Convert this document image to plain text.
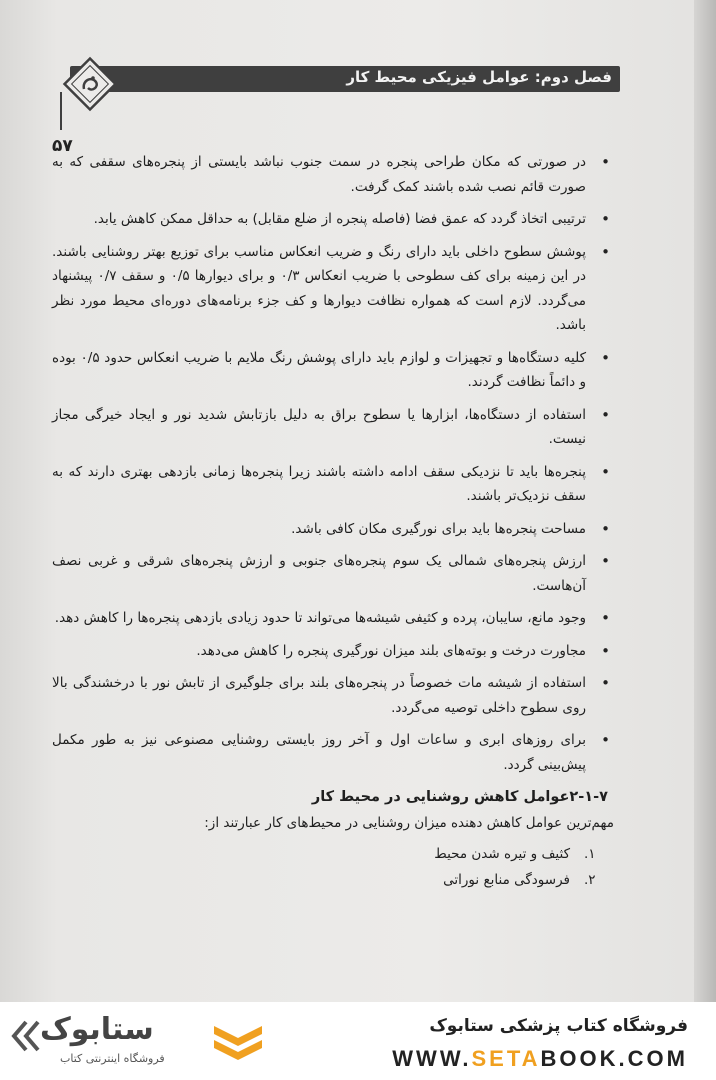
فصل دوم: عوامل فیزیکی محیط کار
۵۷
• در صورتی که مکان طراحی پنجره در سمت جنوب نباشد بایستی از پنجره‌های سقفی که به صورت قائم نصب شده باشند کمک گرفت.
• ترتیبی اتخاذ گردد که عمق فضا (فاصله پنجره از ضلع مقابل) به حداقل ممکن کاهش یابد.
• پوشش سطوح داخلی باید دارای رنگ و ضریب انعکاس مناسب برای توزیع بهتر روشنایی باشند. در این زمینه برای کف سطوحی با ضریب انعکاس ۰/۳ و برای دیوارها ۰/۵ و سقف ۰/۷ پیشنهاد می‌گردد. لازم است که همواره نظافت دیوارها و کف جزء برنامه‌های دوره‌ای محیط مورد نظر باشد.
• کلیه دستگاه‌ها و تجهیزات و لوازم باید دارای پوشش رنگ ملایم با ضریب انعکاس حدود ۰/۵ بوده و دائماً نظافت گردند.
• استفاده از دستگاه‌ها، ابزارها یا سطوح براق به دلیل بازتابش شدید نور و ایجاد خیرگی مجاز نیست.
• پنجره‌ها باید تا نزدیکی سقف ادامه داشته باشند زیرا پنجره‌ها زمانی بازدهی بهتری دارند که به سقف نزدیک‌تر باشند.
• مساحت پنجره‌ها باید برای نورگیری مکان کافی باشد.
• ارزش پنجره‌های شمالی یک سوم پنجره‌های جنوبی و ارزش پنجره‌های شرقی و غربی نصف آن‌هاست.
• وجود مانع، سایبان، پرده و کثیفی شیشه‌ها می‌تواند تا حدود زیادی بازدهی پنجره‌ها را کاهش دهد.
• مجاورت درخت و بوته‌های بلند میزان نورگیری پنجره را کاهش می‌دهد.
• استفاده از شیشه مات خصوصاً در پنجره‌های بلند برای جلوگیری از تابش نور با درخشندگی بالا روی سطوح داخلی توصیه می‌گردد.
• برای روزهای ابری و ساعات اول و آخر روز بایستی روشنایی مصنوعی نیز به طور مکمل پیش‌بینی گردد.
۲-۱-۷عوامل کاهش روشنایی در محیط کار
مهم‌ترین عوامل کاهش دهنده میزان روشنایی در محیط‌های کار عبارتند از:
۱.کثیف و تیره شدن محیط
۲.فرسودگی منابع نوراتی
ستابوک
فروشگاه اینترنتی کتاب
فروشگاه کتاب پزشکی ستابوک
WWW.SETABOOK.COM
